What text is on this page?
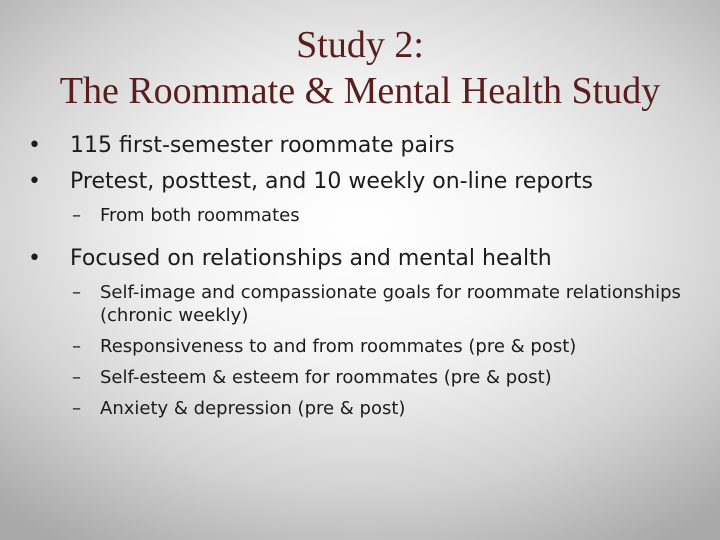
Study 2:
The Roommate & Mental Health Study
• 115 first-semester roommate pairs
• Pretest, posttest, and 10 weekly on-line reports
– From both roommates
• Focused on relationships and mental health
– Self-image and compassionate goals for roommate relationships (chronic weekly)
– Responsiveness to and from roommates (pre & post)
– Self-esteem & esteem for roommates (pre & post)
– Anxiety & depression (pre & post)
